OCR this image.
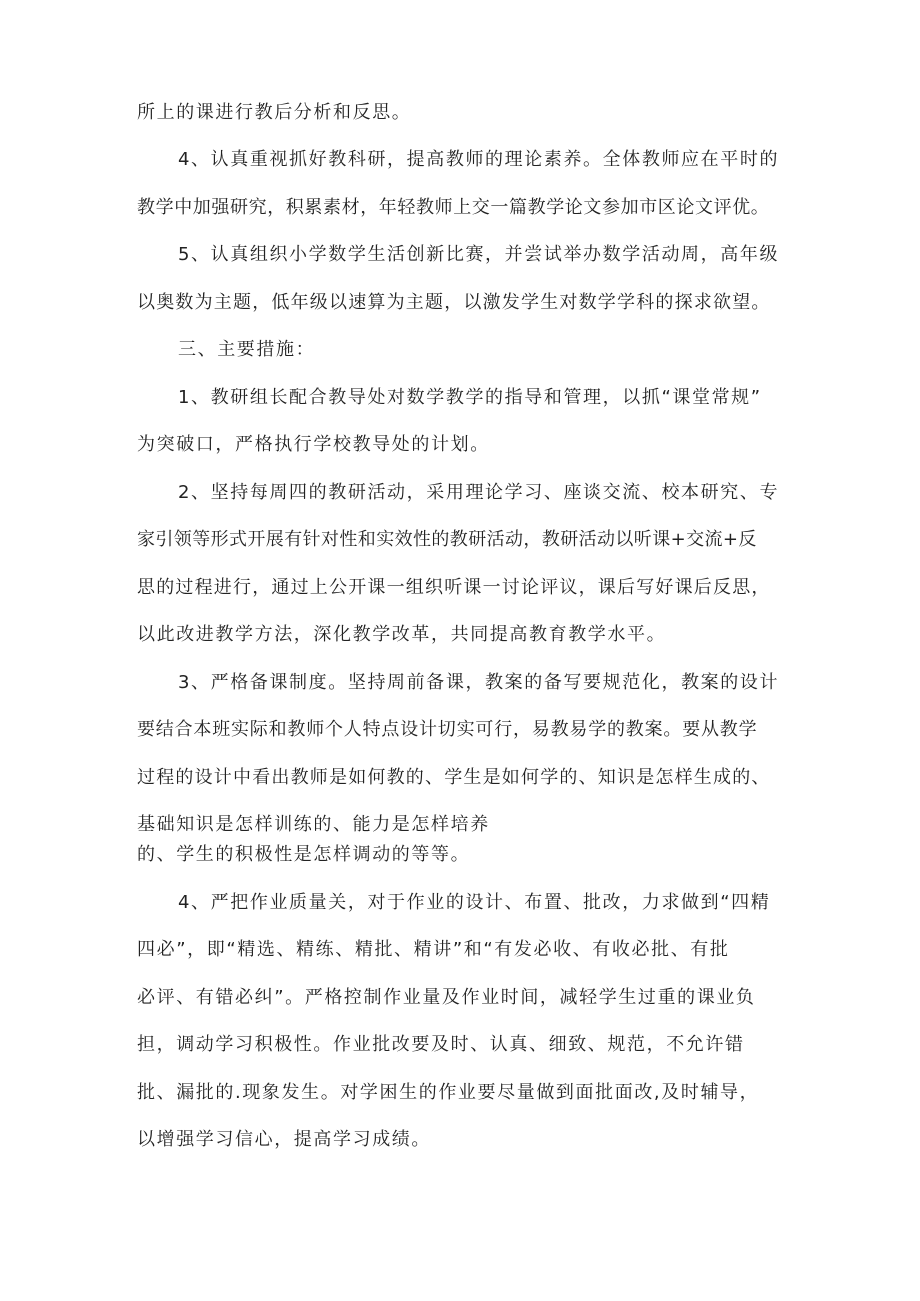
所上的课进行教后分析和反思。
4、认真重视抓好教科研，提高教师的理论素养。全体教师应在平时的
教学中加强研究，积累素材，年轻教师上交一篇教学论文参加市区论文评优。
5、认真组织小学数学生活创新比赛，并尝试举办数学活动周，高年级
以奥数为主题，低年级以速算为主题，以激发学生对数学学科的探求欲望。
三、主要措施：
1、教研组长配合教导处对数学教学的指导和管理，以抓“课堂常规”
为突破口，严格执行学校教导处的计划。
2、坚持每周四的教研活动，采用理论学习、座谈交流、校本研究、专
家引领等形式开展有针对性和实效性的教研活动，教研活动以听课+交流+反
思的过程进行，通过上公开课一组织听课一讨论评议，课后写好课后反思，
以此改进教学方法，深化教学改革，共同提高教育教学水平。
3、严格备课制度。坚持周前备课，教案的备写要规范化，教案的设计
要结合本班实际和教师个人特点设计切实可行，易教易学的教案。要从教学
过程的设计中看出教师是如何教的、学生是如何学的、知识是怎样生成的、
基础知识是怎样训练的、能力是怎样培养
的、学生的积极性是怎样调动的等等。
4、严把作业质量关，对于作业的设计、布置、批改，力求做到“四精
四必”，即“精选、精练、精批、精讲”和“有发必收、有收必批、有批
必评、有错必纠”。严格控制作业量及作业时间，减轻学生过重的课业负
担，调动学习积极性。作业批改要及时、认真、细致、规范，不允许错
批、漏批的.现象发生。对学困生的作业要尽量做到面批面改,及时辅导，
以增强学习信心，提高学习成绩。
